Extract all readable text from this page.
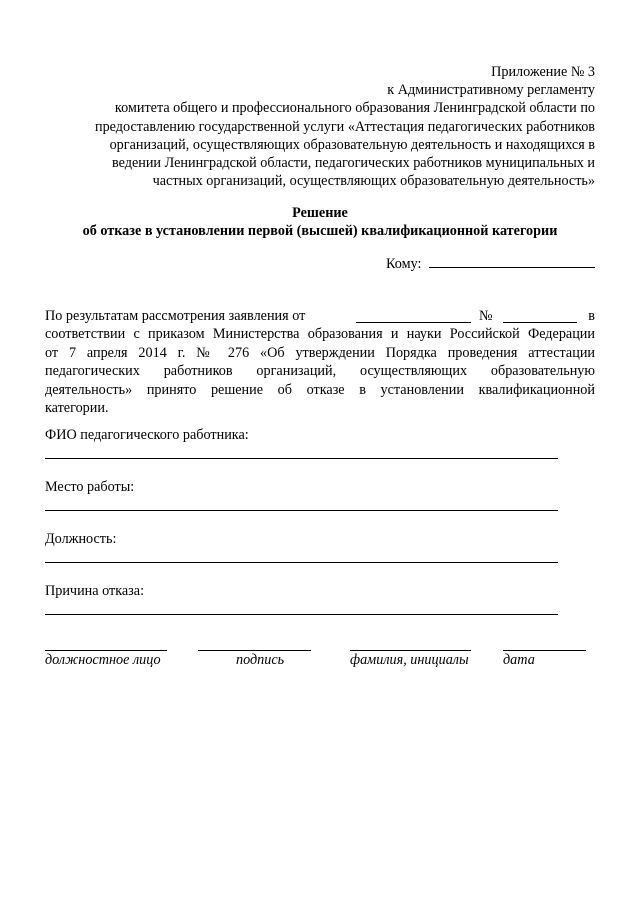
Приложение № 3
к Административному регламенту
комитета общего и профессионального образования Ленинградской области по
предоставлению государственной услуги «Аттестация педагогических работников
организаций, осуществляющих образовательную деятельность и находящихся в
ведении Ленинградской области, педагогических работников муниципальных и
частных организаций, осуществляющих образовательную деятельность»
Решение
об отказе в установлении первой (высшей) квалификационной категории
Кому:
По результатам рассмотрения заявления от	№	в
соответствии с приказом Министерства образования и науки Российской Федерации
от 7 апреля 2014 г. № 276 «Об утверждении Порядка проведения аттестации
педагогических работников организаций, осуществляющих образовательную
деятельность» принято решение об отказе в установлении квалификационной
категории.
ФИО педагогического работника:
Место работы:
Должность:
Причина отказа:
должностное лицо	подпись	фамилия, инициалы дата
